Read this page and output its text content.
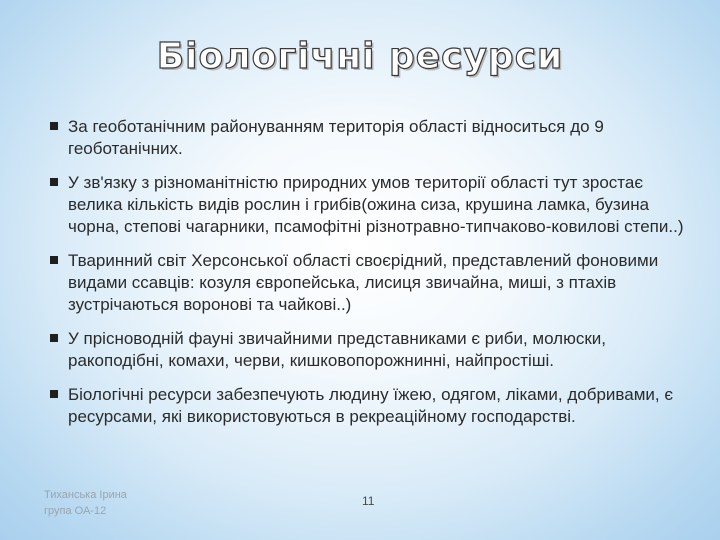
Біологічні ресурси
За геоботанічним районуванням територія області відноситься до 9 геоботанічних.
У зв'язку з різноманітністю природних умов території області тут зростає велика кількість видів рослин і грибів(ожина сиза, крушина ламка, бузина чорна, степові чагарники, псамофітні різнотравно-типчаково-ковилові степи..)
Тваринний світ Херсонської області своєрідний, представлений фоновими видами ссавців: козуля європейська, лисиця звичайна, миші, з птахів зустрічаються воронові та чайкові..)
У прісноводній фауні звичайними представниками є риби, молюски, ракоподібні, комахи, черви, кишковопорожнинні, найпростіші.
Біологічні ресурси забезпечують людину їжею, одягом, ліками, добривами, є ресурсами, які використовуються в рекреаційному господарстві.
Тиханська Ірина
група ОА-12
11
